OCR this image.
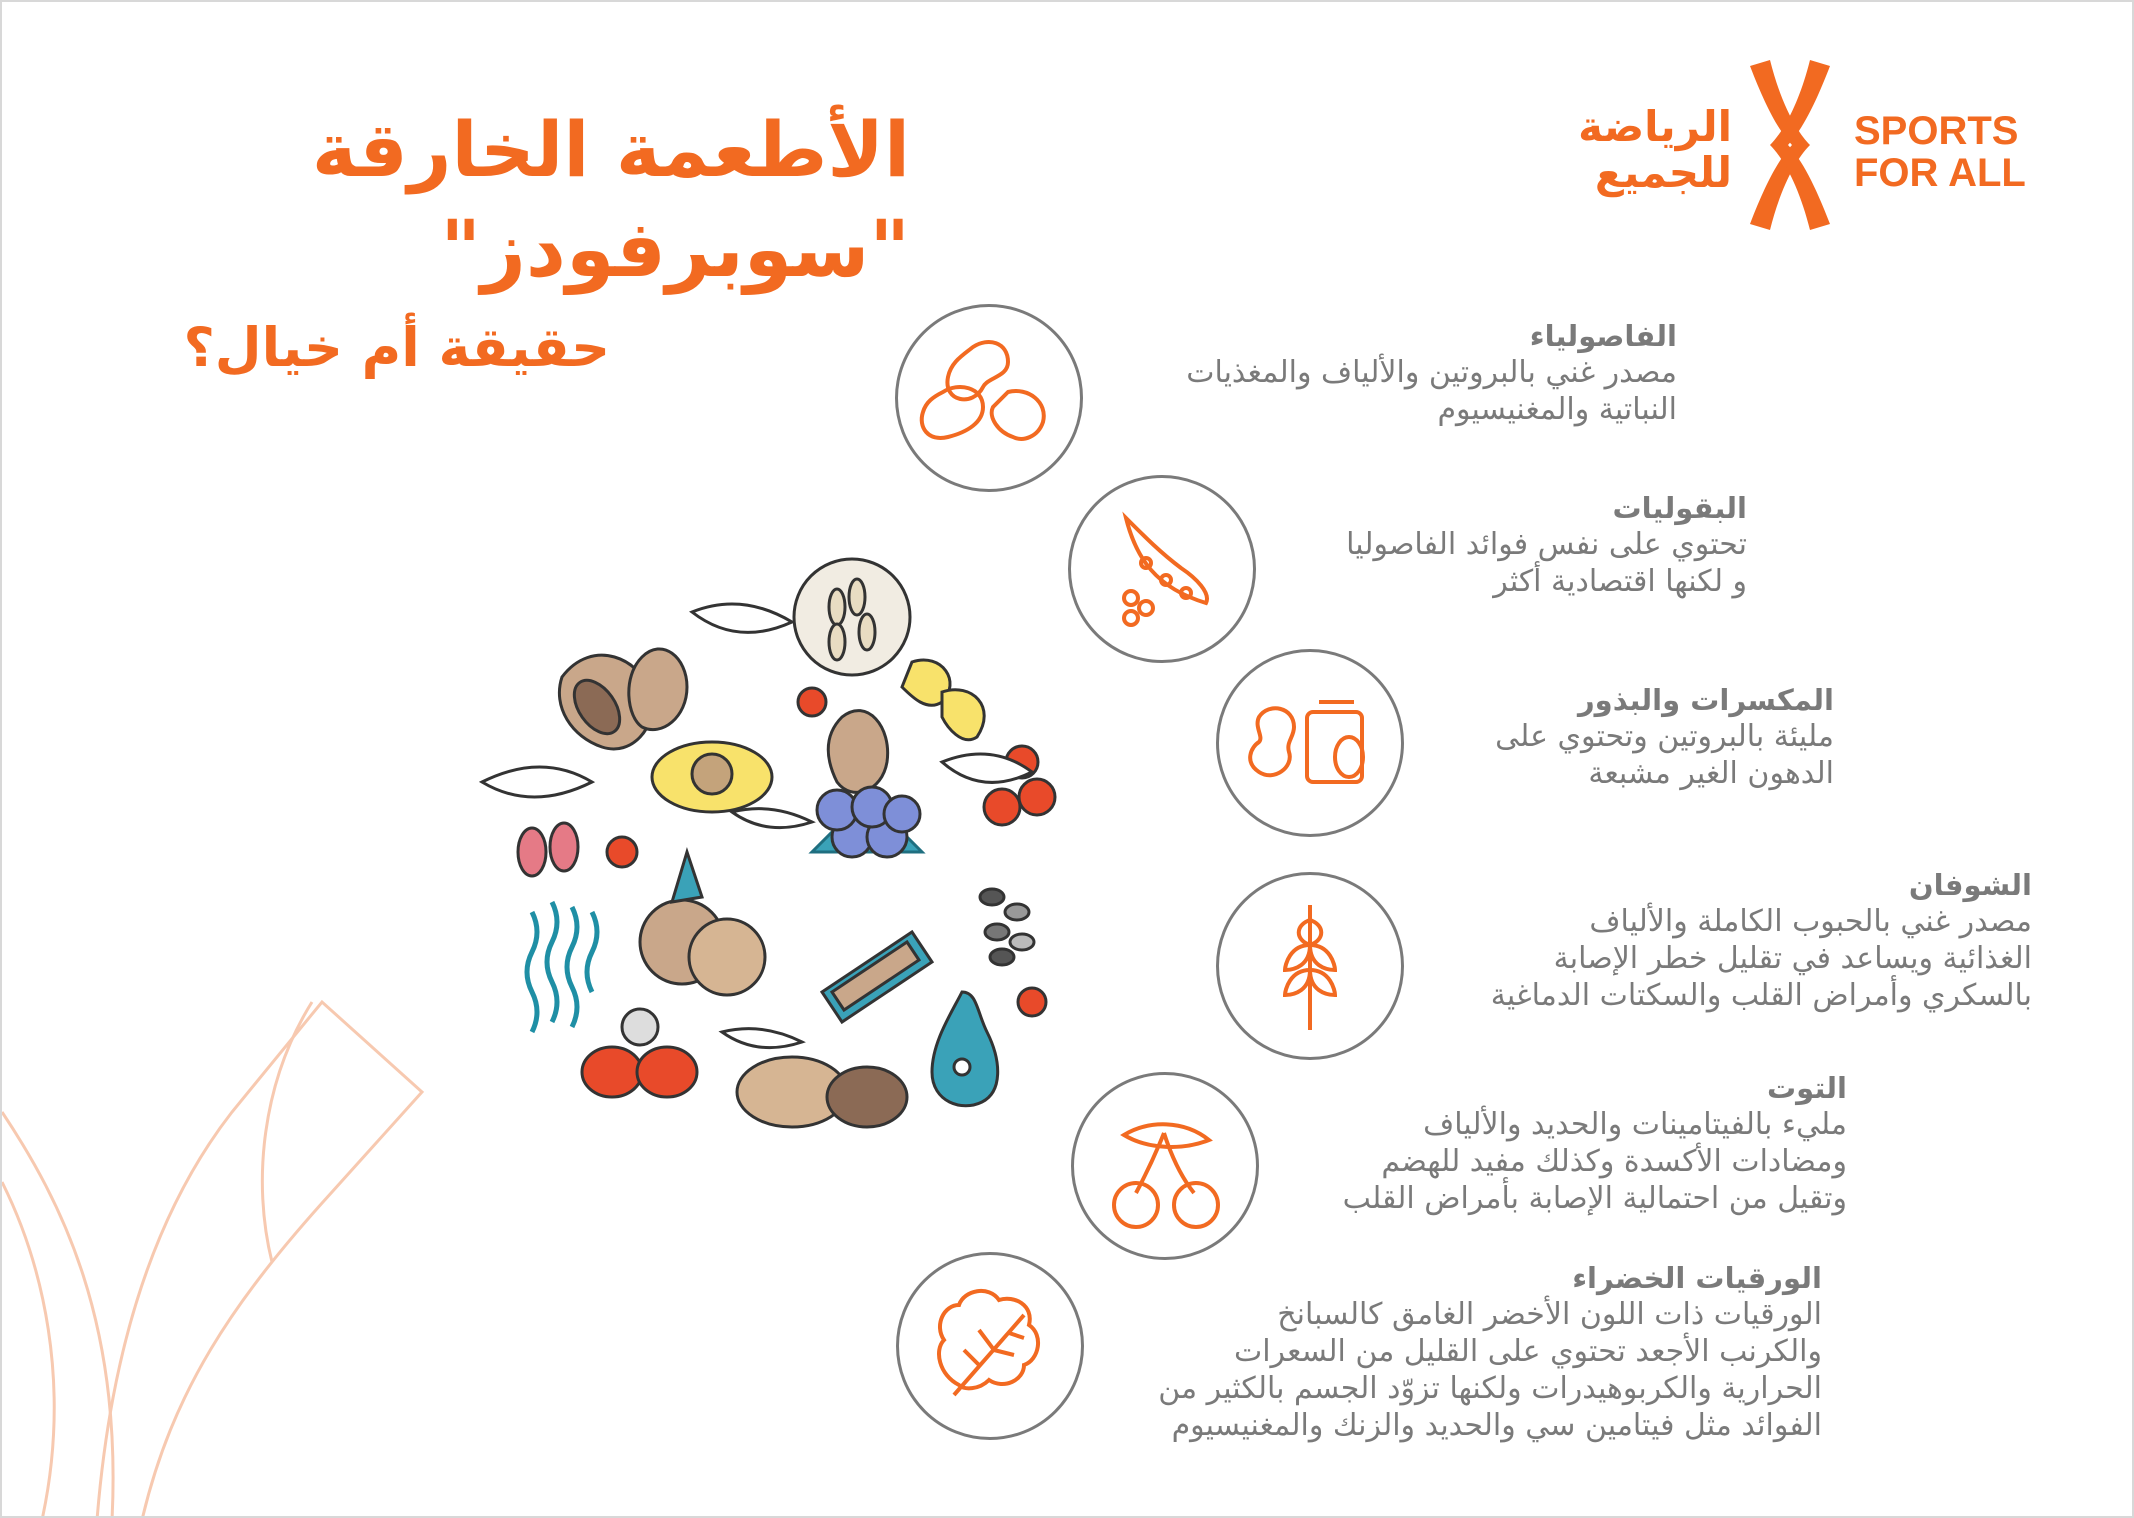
الأطعمة الخارقة
"سوبرفودز"
حقيقة أم خيال؟
الرياضة
للجميع
SPORTS
FOR ALL
الفاصولياء
مصدر غني بالبروتين والألياف والمغذيات
النباتية والمغنيسيوم
البقوليات
تحتوي على نفس فوائد الفاصوليا
و لكنها اقتصادية أكثر
المكسرات والبذور
مليئة بالبروتين وتحتوي على
الدهون الغير مشبعة
الشوفان
مصدر غني بالحبوب الكاملة والألياف
الغذائية ويساعد في تقليل خطر الإصابة
بالسكري وأمراض القلب والسكتات الدماغية
التوت
مليء بالفيتامينات والحديد والألياف
ومضادات الأكسدة وكذلك مفيد للهضم
وتقيل من احتمالية الإصابة بأمراض القلب
الورقيات الخضراء
الورقيات ذات اللون الأخضر الغامق كالسبانخ
والكرنب الأجعد تحتوي على القليل من السعرات
الحرارية والكربوهيدرات ولكنها تزوّد الجسم بالكثير من
الفوائد مثل فيتامين سي والحديد والزنك والمغنيسيوم
